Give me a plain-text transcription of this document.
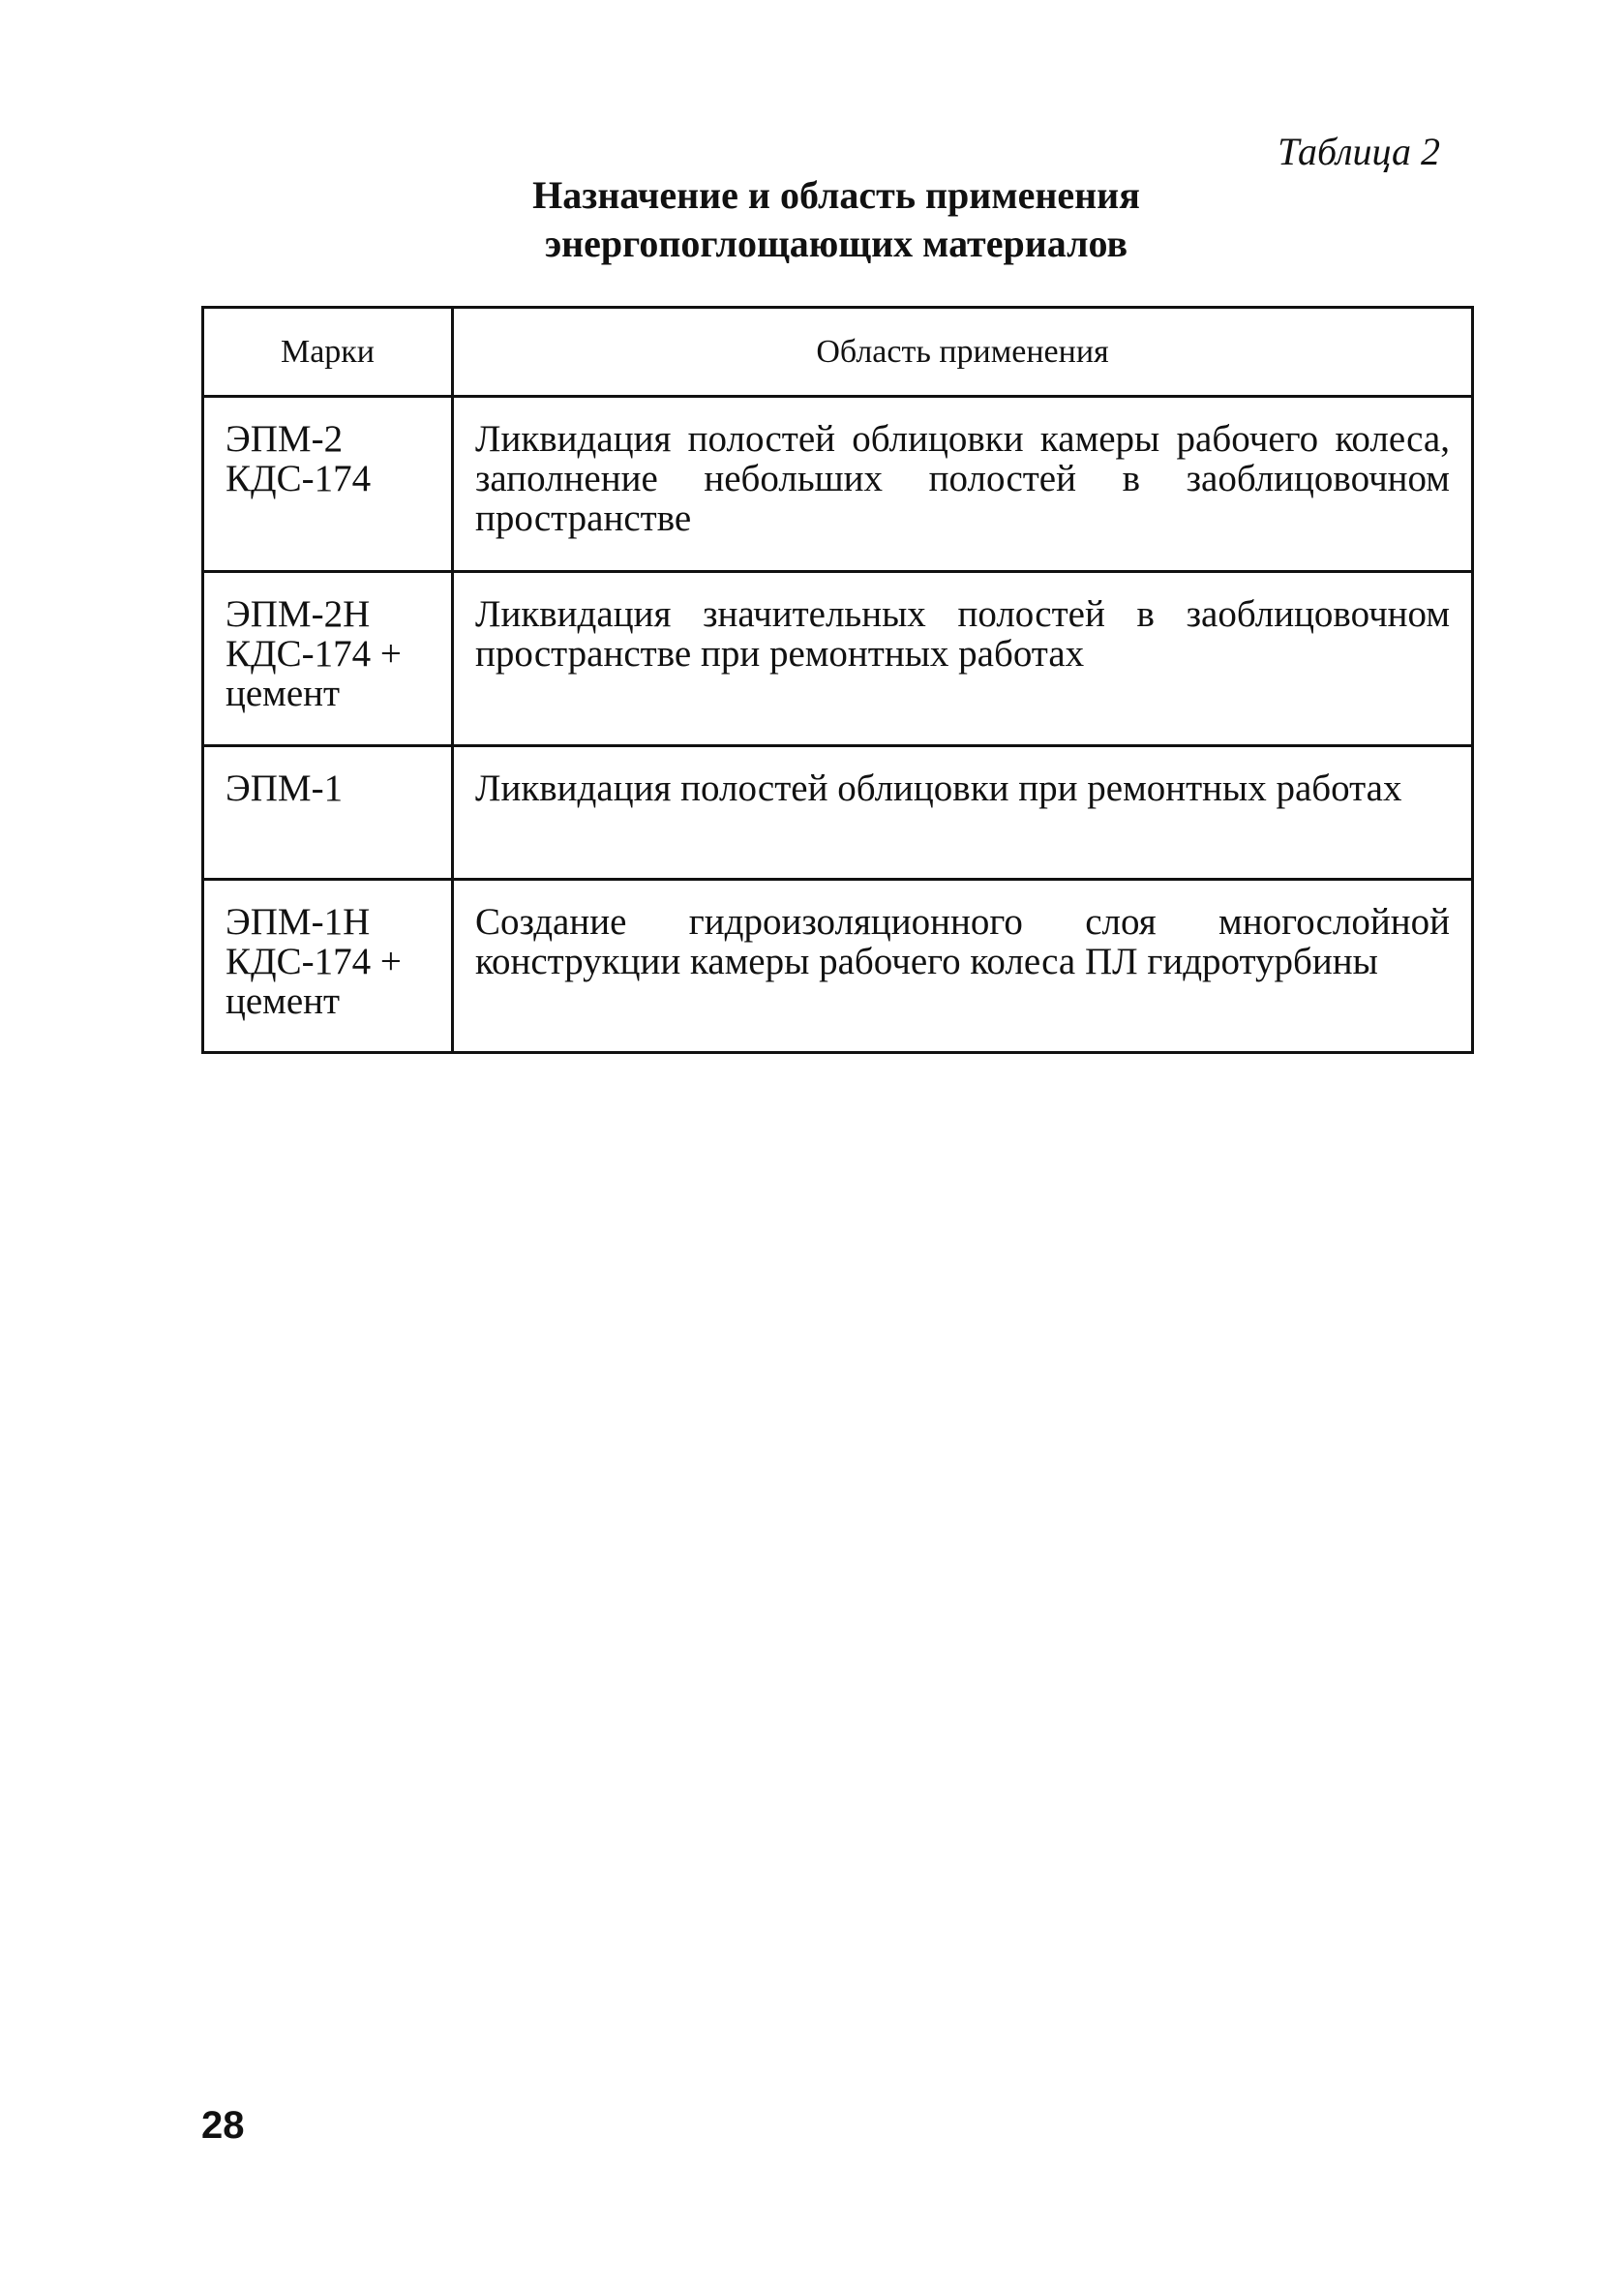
Таблица 2
Назначение и область применения
энергопоглощающих материалов
Марки	Область применения

ЭПМ-2
КДС-174	Ликвидация полостей облицовки камеры рабочего колеса, заполнение небольших полостей в заоблицовочном пространстве

ЭПМ-2Н
КДС-174 +
цемент	Ликвидация значительных полостей в заоблицовочном пространстве при ремонтных работах

ЭПМ-1	Ликвидация полостей облицовки при ремонтных работах

ЭПМ-1Н
КДС-174 +
цемент	Создание гидроизоляционного слоя многослойной конструкции камеры рабочего колеса ПЛ гидротурбины
28
